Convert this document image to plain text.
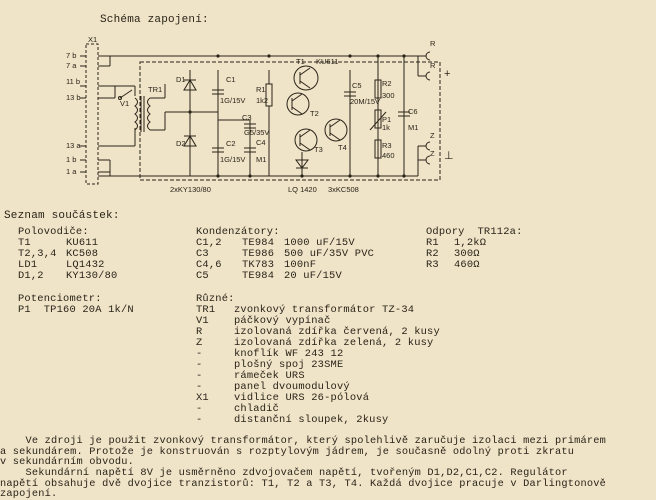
Schéma zapojení:
X1
7 b
7 a
11 b
13 b
13 a
1 b
1 a
V1
TR1
D1
D2
C1
1G/15V
C2
1G/15V
C3
G5/35V
C4
M1
R1
1k2
T1 KU611
T2
T3 T4
C5
20M/15V
R2
300
P1
1k
R3
460
C6
M1
R
R
+
Z
Z ⊥
2xKY130/80	LQ 1420 3xKC508
Seznam součástek:
Polovodiče:
T1	KU611
T2,3,4 KC508
LD1	LQ1432
D1,2 KY130/80
Kondenzátory:
C1,2 TE984 1000 uF/15V
C3	TE986 500 uF/35V PVC
C4,6 TK783 100nF
C5	TE984 20 uF/15V
Odpory  TR112a:
R1 1,2kΩ
R2 300Ω
R3 460Ω
Potenciometr:
P1  TP160 20A 1k/N
Různé:
TR1 zvonkový transformátor TZ-34
V1 páčkový vypínač
R	izolovaná zdířka červená, 2 kusy
Z	izolovaná zdířka zelená, 2 kusy
-	knoflík WF 243 12
-	plošný spoj 23SME
-	rámeček URS
-	panel dvoumodulový
X1 vidlice URS 26-pólová
-	chladič
-	distanční sloupek, 2kusy
Ve zdroji je použit zvonkový transformátor, který spolehlivě zaručuje izolaci mezi primárem
a sekundárem. Protože je konstruován s rozptylovým jádrem, je současně odolný proti zkratu
v sekundárním obvodu.
Sekundární napětí 8V je usměrněno zdvojovačem napětí, tvořeným D1,D2,C1,C2. Regulátor
napětí obsahuje dvě dvojice tranzistorů: T1, T2 a T3, T4. Každá dvojice pracuje v Darlingtonově
zapojení.
